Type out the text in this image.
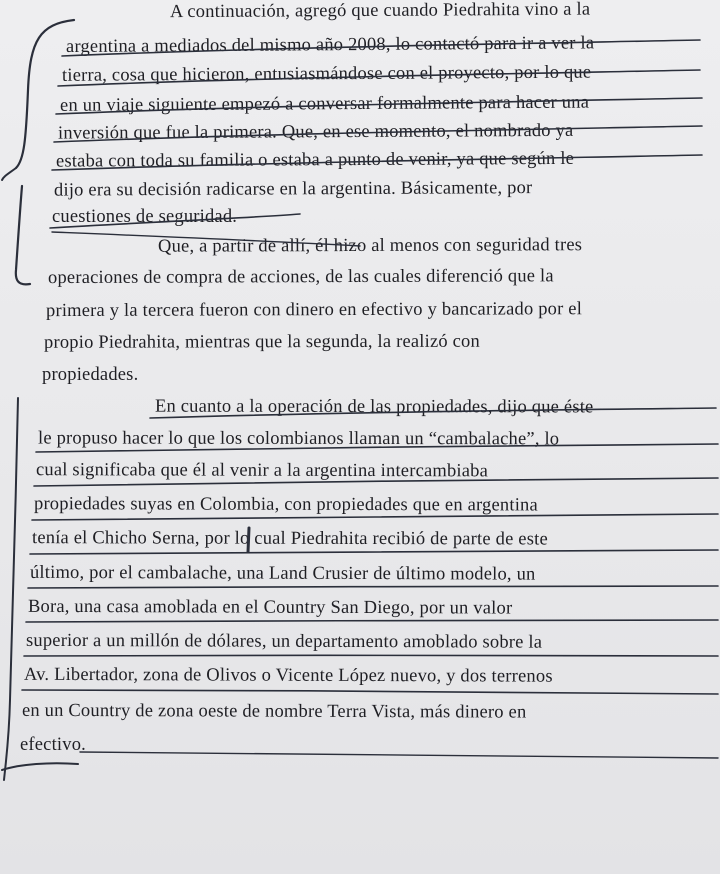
A continuación, agregó que cuando Piedrahita vino a la
argentina a mediados del mismo año 2008, lo contactó para ir a ver la
tierra, cosa que hicieron, entusiasmándose con el proyecto, por lo que
en un viaje siguiente empezó a conversar formalmente para hacer una
inversión que fue la primera. Que, en ese momento, el nombrado ya
estaba con toda su familia o estaba a punto de venir, ya que según le
dijo era su decisión radicarse en la argentina. Básicamente, por
cuestiones de seguridad.
Que, a partir de allí, él hizo al menos con seguridad tres
operaciones de compra de acciones, de las cuales diferenció que la
primera y la tercera fueron con dinero en efectivo y bancarizado por el
propio Piedrahita, mientras que la segunda, la realizó con
propiedades.
En cuanto a la operación de las propiedades, dijo que éste
le propuso hacer lo que los colombianos llaman un “cambalache”, lo
cual significaba que él al venir a la argentina intercambiaba
propiedades suyas en Colombia, con propiedades que en argentina
tenía el Chicho Serna, por lo cual Piedrahita recibió de parte de este
último, por el cambalache, una Land Crusier de último modelo, un
Bora, una casa amoblada en el Country San Diego, por un valor
superior a un millón de dólares, un departamento amoblado sobre la
Av. Libertador, zona de Olivos o Vicente López nuevo, y dos terrenos
en un Country de zona oeste de nombre Terra Vista, más dinero en
efectivo.
